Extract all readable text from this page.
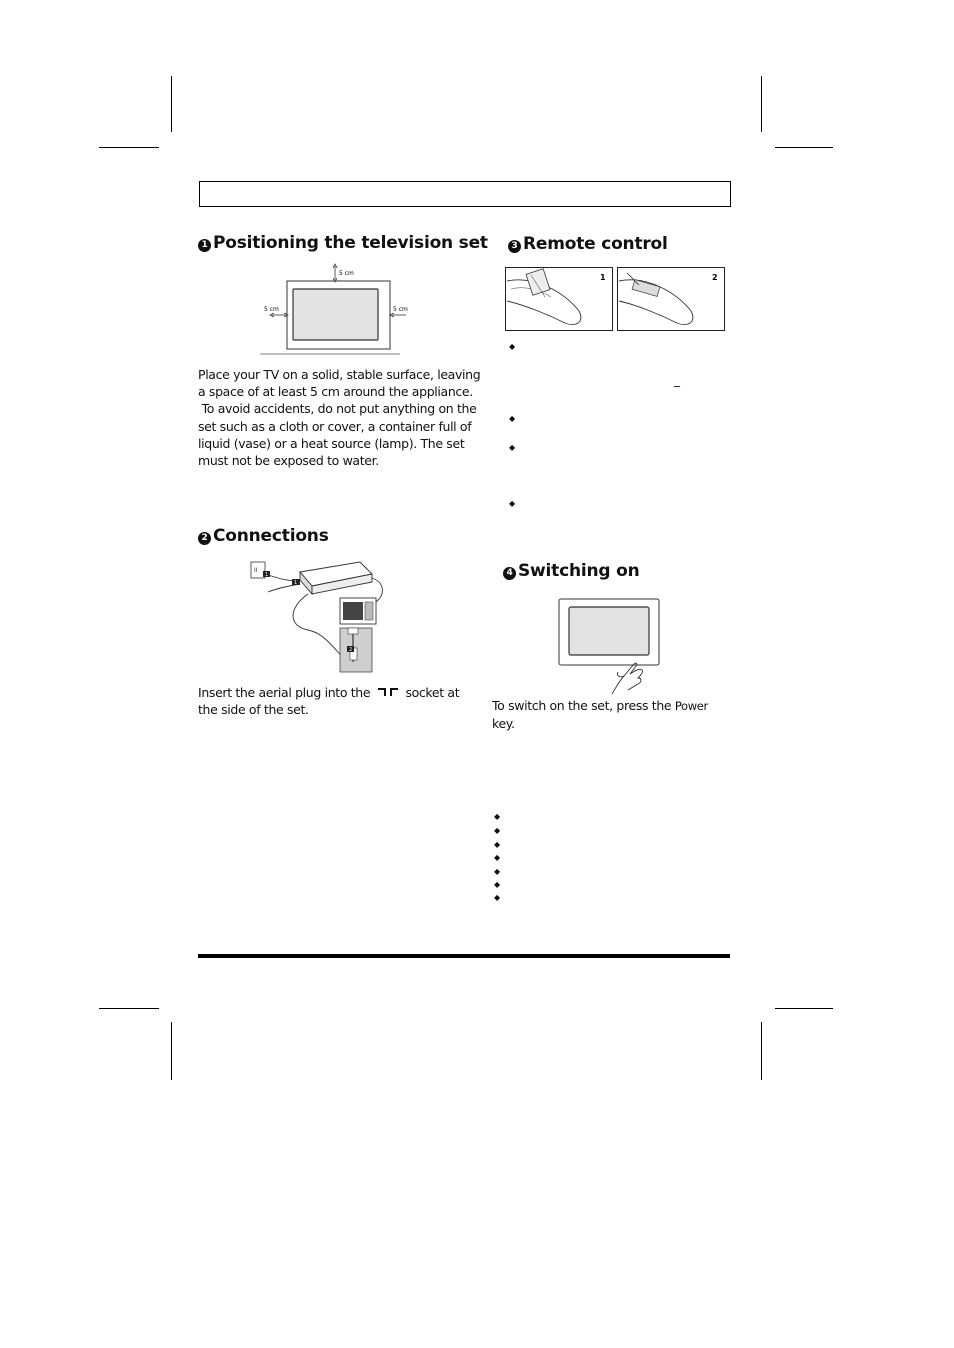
1 Positioning the television set
5 cm
5 cm	5 cm
Place your TV on a solid, stable surface, leaving
a space of at least 5 cm around the appliance.
To avoid accidents, do not put anything on the
set such as a cloth or cover, a container full of
liquid (vase) or a heat source (lamp). The set
must not be exposed to water.
2 Connections
II
1
1
2
Insert the aerial plug into the	socket at
the side of the set.
3 Remote control
1	2
◆
_
◆
◆
◆
4 Switching on
To switch on the set, press the Power
key.
◆
◆
◆
◆
◆
◆
◆
